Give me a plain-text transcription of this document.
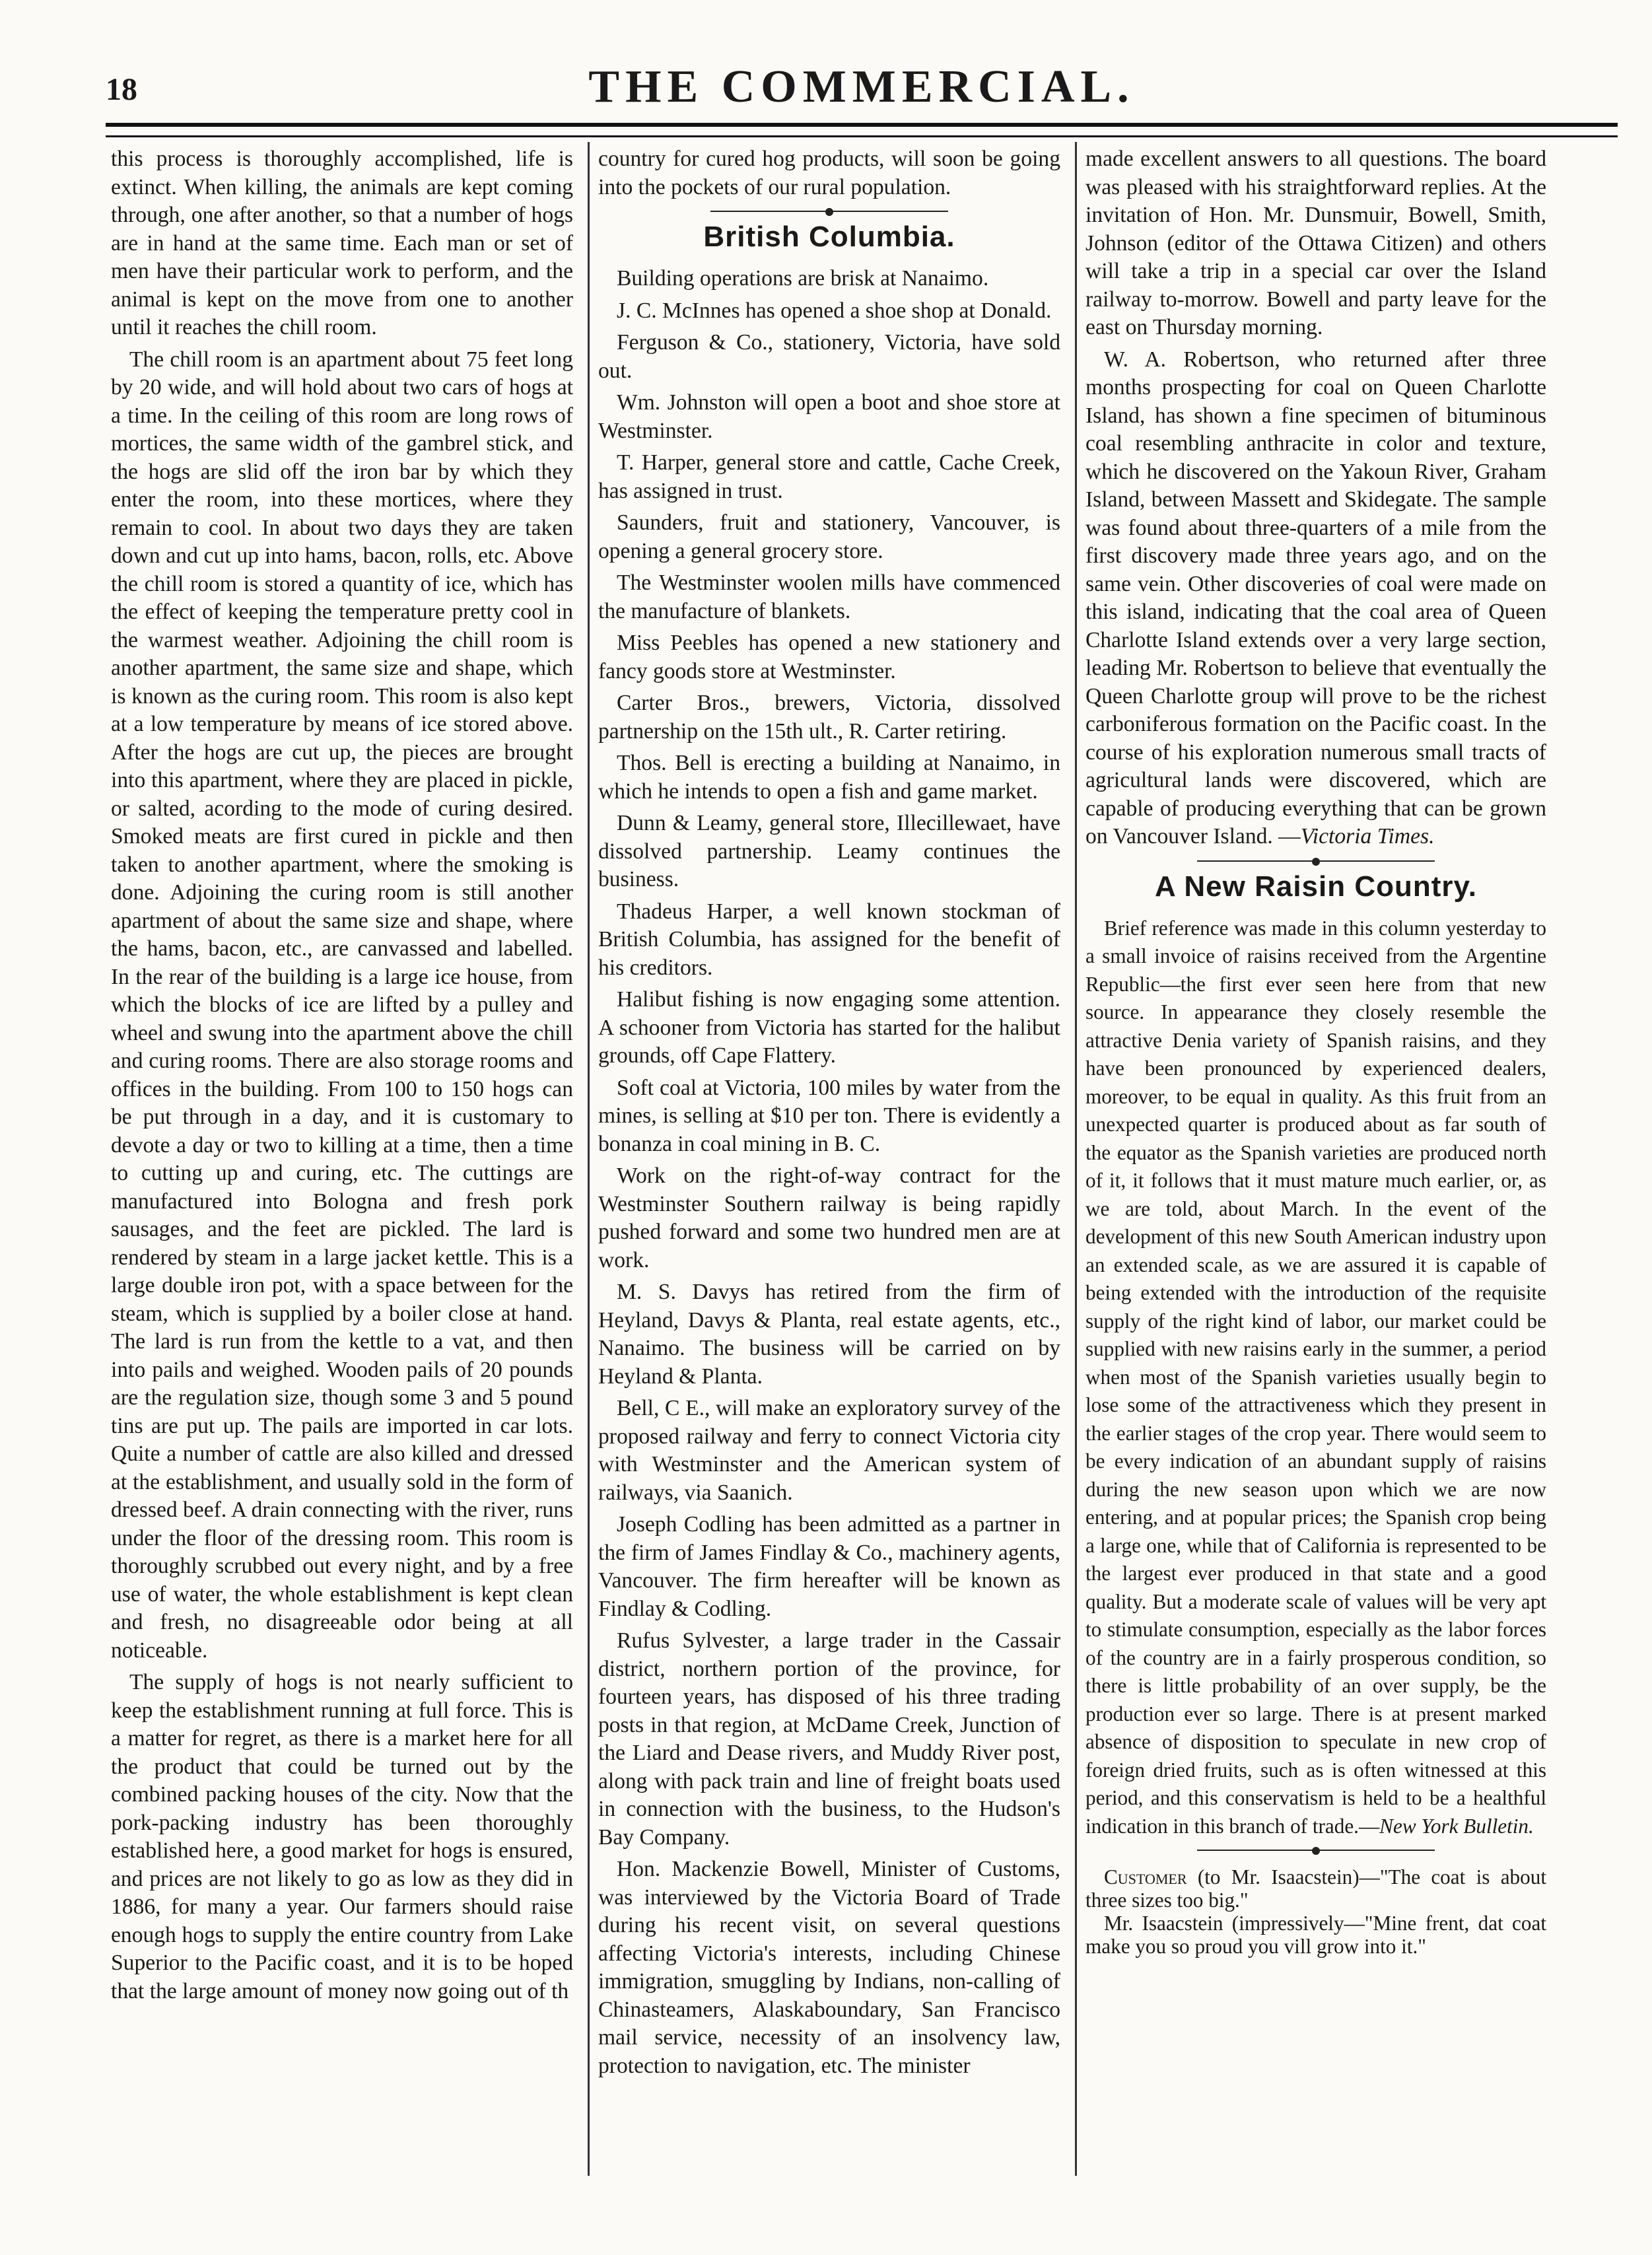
18	THE COMMERCIAL.

this process is thoroughly accomplished, life is extinct. When killing, the animals are kept coming through, one after another, so that a number of hogs are in hand at the same time. Each man or set of men have their particular work to perform, and the animal is kept on the move from one to another until it reaches the chill room.

The chill room is an apartment about 75 feet long by 20 wide, and will hold about two cars of hogs at a time. In the ceiling of this room are long rows of mortices, the same width of the gambrel stick, and the hogs are slid off the iron bar by which they enter the room, into these mortices, where they remain to cool. In about two days they are taken down and cut up into hams, bacon, rolls, etc. Above the chill room is stored a quantity of ice, which has the effect of keeping the temperature pretty cool in the warmest weather. Adjoining the chill room is another apartment, the same size and shape, which is known as the curing room. This room is also kept at a low temperature by means of ice stored above. After the hogs are cut up, the pieces are brought into this apartment, where they are placed in pickle, or salted, acording to the mode of curing desired. Smoked meats are first cured in pickle and then taken to another apartment, where the smoking is done. Adjoining the curing room is still another apartment of about the same size and shape, where the hams, bacon, etc., are canvassed and labelled. In the rear of the building is a large ice house, from which the blocks of ice are lifted by a pulley and wheel and swung into the apartment above the chill and curing rooms. There are also storage rooms and offices in the building. From 100 to 150 hogs can be put through in a day, and it is customary to devote a day or two to killing at a time, then a time to cutting up and curing, etc. The cuttings are manufactured into Bologna and fresh pork sausages, and the feet are pickled. The lard is rendered by steam in a large jacket kettle. This is a large double iron pot, with a space between for the steam, which is supplied by a boiler close at hand. The lard is run from the kettle to a vat, and then into pails and weighed. Wooden pails of 20 pounds are the regulation size, though some 3 and 5 pound tins are put up. The pails are imported in car lots. Quite a number of cattle are also killed and dressed at the establishment, and usually sold in the form of dressed beef. A drain connecting with the river, runs under the floor of the dressing room. This room is thoroughly scrubbed out every night, and by a free use of water, the whole establishment is kept clean and fresh, no disagreeable odor being at all noticeable.

The supply of hogs is not nearly sufficient to keep the establishment running at full force. This is a matter for regret, as there is a market here for all the product that could be turned out by the combined packing houses of the city. Now that the pork-packing industry has been thoroughly established here, a good market for hogs is ensured, and prices are not likely to go as low as they did in 1886, for many a year. Our farmers should raise enough hogs to supply the entire country from Lake Superior to the Pacific coast, and it is to be hoped that the large amount of money now going out of th

country for cured hog products, will soon be going into the pockets of our rural population.

British Columbia.

Building operations are brisk at Nanaimo.

J. C. McInnes has opened a shoe shop at Donald.

Ferguson & Co., stationery, Victoria, have sold out.

Wm. Johnston will open a boot and shoe store at Westminster.

T. Harper, general store and cattle, Cache Creek, has assigned in trust.

Saunders, fruit and stationery, Vancouver, is opening a general grocery store.

The Westminster woolen mills have commenced the manufacture of blankets.

Miss Peebles has opened a new stationery and fancy goods store at Westminster.

Carter Bros., brewers, Victoria, dissolved partnership on the 15th ult., R. Carter retiring.

Thos. Bell is erecting a building at Nanaimo, in which he intends to open a fish and game market.

Dunn & Leamy, general store, Illecillewaet, have dissolved partnership. Leamy continues the business.

Thadeus Harper, a well known stockman of British Columbia, has assigned for the benefit of his creditors.

Halibut fishing is now engaging some attention. A schooner from Victoria has started for the halibut grounds, off Cape Flattery.

Soft coal at Victoria, 100 miles by water from the mines, is selling at $10 per ton. There is evidently a bonanza in coal mining in B. C.

Work on the right-of-way contract for the Westminster Southern railway is being rapidly pushed forward and some two hundred men are at work.

M. S. Davys has retired from the firm of Heyland, Davys & Planta, real estate agents, etc., Nanaimo. The business will be carried on by Heyland & Planta.

Bell, C E., will make an exploratory survey of the proposed railway and ferry to connect Victoria city with Westminster and the American system of railways, via Saanich.

Joseph Codling has been admitted as a partner in the firm of James Findlay & Co., machinery agents, Vancouver. The firm hereafter will be known as Findlay & Codling.

Rufus Sylvester, a large trader in the Cassair district, northern portion of the province, for fourteen years, has disposed of his three trading posts in that region, at McDame Creek, Junction of the Liard and Dease rivers, and Muddy River post, along with pack train and line of freight boats used in connection with the business, to the Hudson's Bay Company.

Hon. Mackenzie Bowell, Minister of Customs, was interviewed by the Victoria Board of Trade during his recent visit, on several questions affecting Victoria's interests, including Chinese immigration, smuggling by Indians, non-calling of Chinasteamers, Alaskaboundary, San Francisco mail service, necessity of an insolvency law, protection to navigation, etc. The minister

made excellent answers to all questions. The board was pleased with his straightforward replies. At the invitation of Hon. Mr. Dunsmuir, Bowell, Smith, Johnson (editor of the Ottawa Citizen) and others will take a trip in a special car over the Island railway to-morrow. Bowell and party leave for the east on Thursday morning.

W. A. Robertson, who returned after three months prospecting for coal on Queen Charlotte Island, has shown a fine specimen of bituminous coal resembling anthracite in color and texture, which he discovered on the Yakoun River, Graham Island, between Massett and Skidegate. The sample was found about three-quarters of a mile from the first discovery made three years ago, and on the same vein. Other discoveries of coal were made on this island, indicating that the coal area of Queen Charlotte Island extends over a very large section, leading Mr. Robertson to believe that eventually the Queen Charlotte group will prove to be the richest carboniferous formation on the Pacific coast. In the course of his exploration numerous small tracts of agricultural lands were discovered, which are capable of producing everything that can be grown on Vancouver Island. —Victoria Times.

A New Raisin Country.

Brief reference was made in this column yesterday to a small invoice of raisins received from the Argentine Republic—the first ever seen here from that new source. In appearance they closely resemble the attractive Denia variety of Spanish raisins, and they have been pronounced by experienced dealers, moreover, to be equal in quality. As this fruit from an unexpected quarter is produced about as far south of the equator as the Spanish varieties are produced north of it, it follows that it must mature much earlier, or, as we are told, about March. In the event of the development of this new South American industry upon an extended scale, as we are assured it is capable of being extended with the introduction of the requisite supply of the right kind of labor, our market could be supplied with new raisins early in the summer, a period when most of the Spanish varieties usually begin to lose some of the attractiveness which they present in the earlier stages of the crop year. There would seem to be every indication of an abundant supply of raisins during the new season upon which we are now entering, and at popular prices; the Spanish crop being a large one, while that of California is represented to be the largest ever produced in that state and a good quality. But a moderate scale of values will be very apt to stimulate consumption, especially as the labor forces of the country are in a fairly prosperous condition, so there is little probability of an over supply, be the production ever so large. There is at present marked absence of disposition to speculate in new crop of foreign dried fruits, such as is often witnessed at this period, and this conservatism is held to be a healthful indication in this branch of trade.—New York Bulletin.

Customer (to Mr. Isaacstein)—"The coat is about three sizes too big."

Mr. Isaacstein (impressively—"Mine frent, dat coat make you so proud you vill grow into it."
